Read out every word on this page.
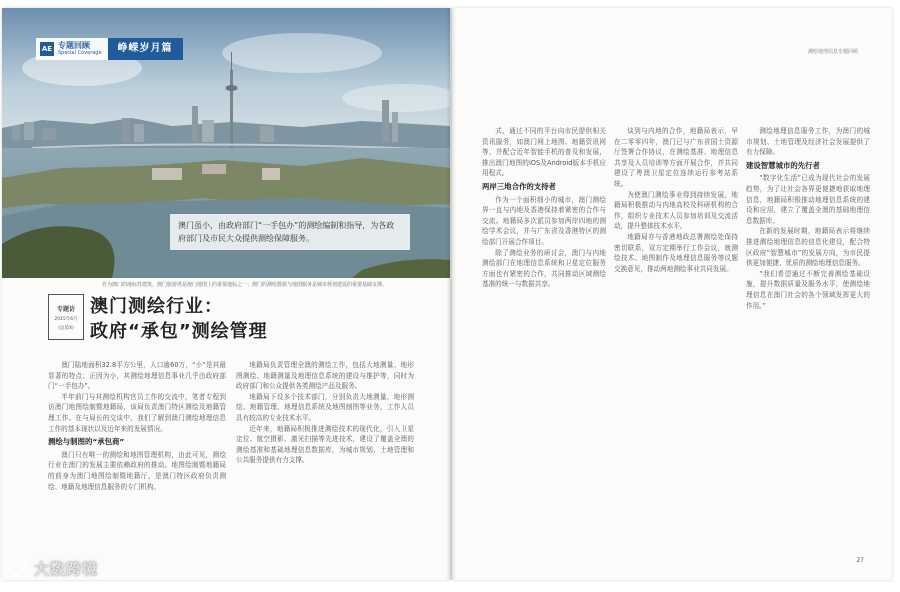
AE 专题回顾
Special Coverage	峥嵘岁月篇
澳门虽小，由政府部门“一手包办”的测绘编制和指导，为各政府部门及市民大众提供测绘保障服务。
作为澳门的地标性建筑，澳门旅游塔是澳门地图上的重要地标之一；澳门的测绘数据与地图服务是城市规划建设的重要基础支撑。
专题访
2015年6月
(总第X)
澳门测绘行业：
政府“承包”测绘管理

澳门陆地面积32.8平方公里，人口逾60万，“小”是其最显著的特点；正因为小，其测绘地理信息事业几乎由政府部门“一手包办”。

半年前门与其测绘机构官员工作的交流中，笔者专程到访澳门地图绘制暨地籍局，该局负责澳门特区测绘及地籍管理工作。在与局长的交谈中，我们了解到澳门测绘地理信息工作的基本现状以及近年来的发展情况。

测绘与制图的“承包商”

澳门只有唯一的测绘和地图管理机构，由此可见，测绘行业在澳门的发展主要依赖政府的推动。地图绘制暨地籍局的前身为澳门地图绘制暨地籍厅，是澳门特区政府负责测绘、地籍及地理信息服务的专门机构。

地籍局负责管理全澳的测绘工作，包括大地测量、地形图测绘、地籍测量及地理信息系统的建设与维护等，同时为政府部门和公众提供各类测绘产品及服务。

地籍局下设多个技术部门，分别负责大地测量、地形测绘、地籍管理、地理信息系统及地图制图等业务，工作人员具有较高的专业技术水平。

近年来，地籍局积极推进测绘技术的现代化，引入卫星定位、航空摄影、激光扫描等先进技术，建设了覆盖全澳的测绘基准和基础地理信息数据库，为城市规划、土地管理和公共服务提供有力支撑。

测绘地理信息专题回顾

式，通过不同的平台向市民提供相关资讯服务，如澳门网上地图、地籍资讯网等，并配合近年智能手机的普及和发展，推出澳门地图的iOS及Android版本手机应用程式。

两岸三地合作的支持者

作为一个面积细小的城市，澳门测绘界一直与内地及香港保持着紧密的合作与交流。地籍局多次派员参加两岸四地的测绘学术会议，并与广东省及香港特区的测绘部门开展合作项目。

除了测绘业务的研讨会，澳门与内地测绘部门在地理信息系统和卫星定位服务方面也有紧密的合作，共同推动区域测绘基准的统一与数据共享。

谈到与内地的合作，地籍局表示，早在二零零四年，澳门已与广东省国土资源厅签署合作协议，在测绘基准、地理信息共享及人员培训等方面开展合作，并共同建设了粤澳卫星定位连续运行参考站系统。

为使澳门测绘事业得到持续发展，地籍局积极推动与内地高校及科研机构的合作，组织专业技术人员参加培训及交流活动，提升整体技术水平。

地籍局亦与香港地政总署测绘处保持密切联系，双方定期举行工作会议，就测绘技术、地图制作及地理信息服务等议题交换意见，推动两地测绘事业共同发展。

测绘地理信息服务工作，为澳门的城市规划、土地管理及经济社会发展提供了有力保障。

建设智慧城市的先行者

“数字化生活”已成为现代社会的发展趋势，为了让社会各界更便捷地获取地理信息，地籍局积极推动地理信息系统的建设和应用，建立了覆盖全澳的基础地理信息数据库。

在新的发展时期，地籍局表示将继续推进测绘地理信息的信息化建设，配合特区政府“智慧城市”的发展方向，为市民提供更加便捷、优质的测绘地理信息服务。

“我们希望通过不断完善测绘基础设施，提升数据质量及服务水平，使测绘地理信息在澳门社会的各个领域发挥更大的作用。”

27
大数跨境
